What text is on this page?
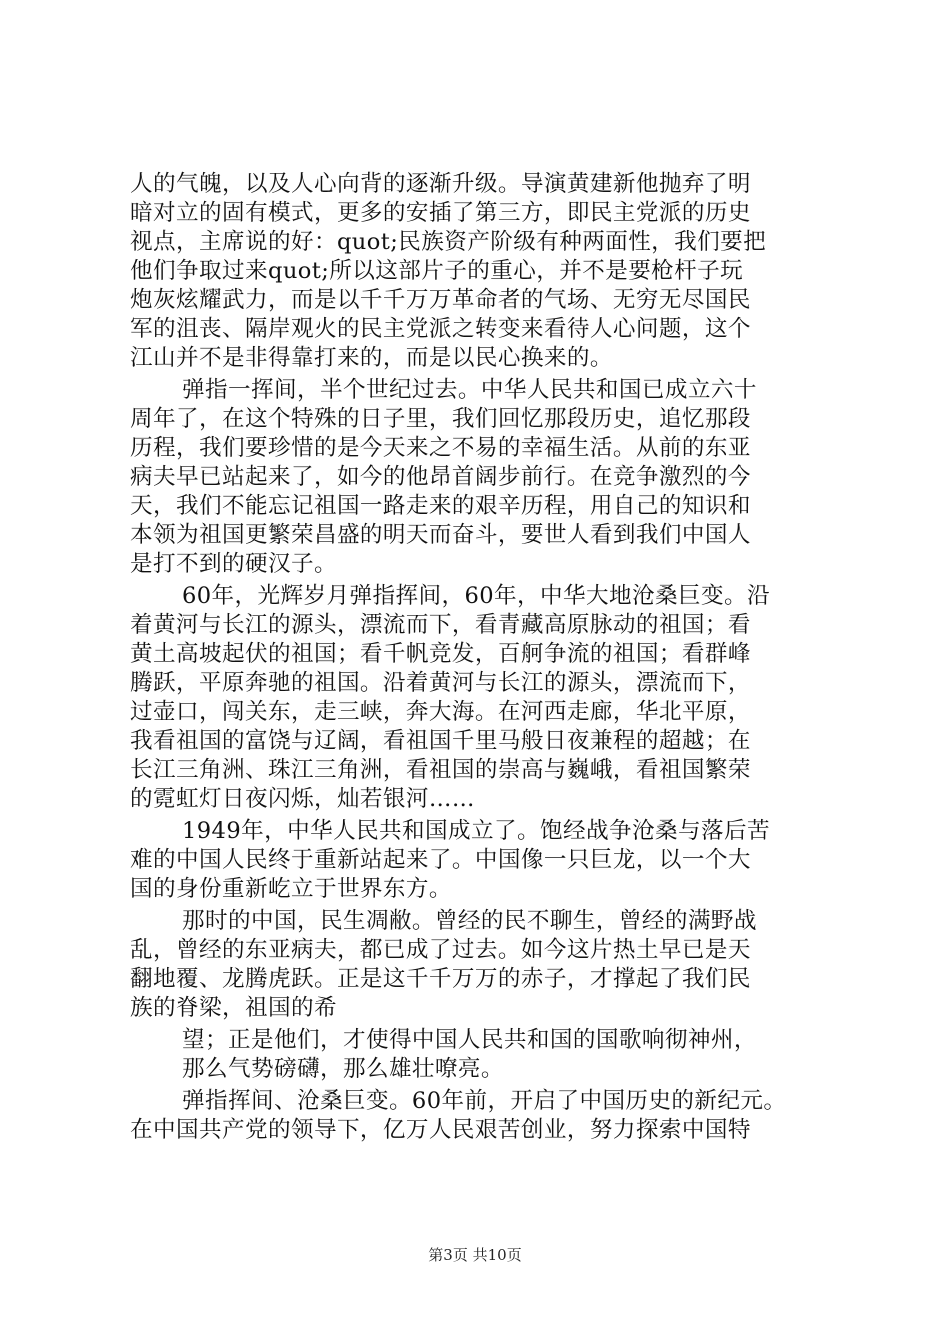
人的气魄，以及人心向背的逐渐升级。导演黄建新他抛弃了明
暗对立的固有模式，更多的安插了第三方，即民主党派的历史
视点，主席说的好：quot;民族资产阶级有种两面性，我们要把
他们争取过来quot;所以这部片子的重心，并不是要枪杆子玩
炮灰炫耀武力，而是以千千万万革命者的气场、无穷无尽国民
军的沮丧、隔岸观火的民主党派之转变来看待人心问题，这个
江山并不是非得靠打来的，而是以民心换来的。
弹指一挥间，半个世纪过去。中华人民共和国已成立六十
周年了，在这个特殊的日子里，我们回忆那段历史，追忆那段
历程，我们要珍惜的是今天来之不易的幸福生活。从前的东亚
病夫早已站起来了，如今的他昂首阔步前行。在竞争激烈的今
天，我们不能忘记祖国一路走来的艰辛历程，用自己的知识和
本领为祖国更繁荣昌盛的明天而奋斗，要世人看到我们中国人
是打不到的硬汉子。
60年，光辉岁月弹指挥间，60年，中华大地沧桑巨变。沿
着黄河与长江的源头，漂流而下，看青藏高原脉动的祖国；看
黄土高坡起伏的祖国；看千帆竞发，百舸争流的祖国；看群峰
腾跃，平原奔驰的祖国。沿着黄河与长江的源头，漂流而下，
过壶口，闯关东，走三峡，奔大海。在河西走廊，华北平原，
我看祖国的富饶与辽阔，看祖国千里马般日夜兼程的超越；在
长江三角洲、珠江三角洲，看祖国的崇高与巍峨，看祖国繁荣
的霓虹灯日夜闪烁，灿若银河……
1949年，中华人民共和国成立了。饱经战争沧桑与落后苦
难的中国人民终于重新站起来了。中国像一只巨龙，以一个大
国的身份重新屹立于世界东方。
那时的中国，民生凋敝。曾经的民不聊生，曾经的满野战
乱，曾经的东亚病夫，都已成了过去。如今这片热土早已是天
翻地覆、龙腾虎跃。正是这千千万万的赤子，才撑起了我们民
族的脊梁，祖国的希
望；正是他们，才使得中国人民共和国的国歌响彻神州，
那么气势磅礴，那么雄壮嘹亮。
弹指挥间、沧桑巨变。60年前，开启了中国历史的新纪元。
在中国共产党的领导下，亿万人民艰苦创业，努力探索中国特
第3页 共10页
